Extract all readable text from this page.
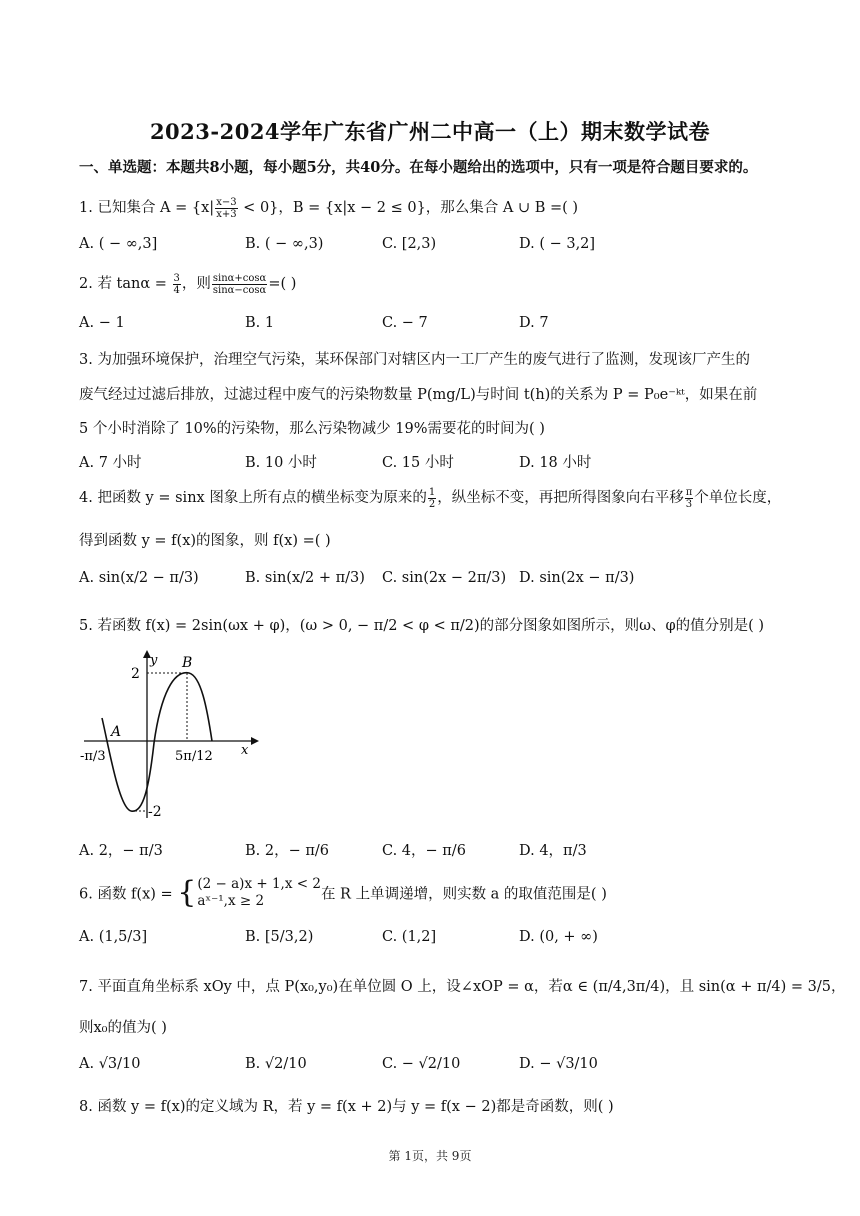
2023-2024学年广东省广州二中高一（上）期末数学试卷
一、单选题：本题共8小题，每小题5分，共40分。在每小题给出的选项中，只有一项是符合题目要求的。
1. 已知集合 $A = \{x| \frac{x-3}{x+3} < 0\}$，B = {x|x − 2 ≤ 0}，那么集合 A ∪ B =( )
A. ( − ∞,3]	B. ( − ∞,3)	C. [2,3)	D. ( − 3,2]
2. 若 $\tan\alpha = \frac{3}{4}$ ，则 $\frac{\sin\alpha+\cos\alpha}{\sin\alpha-\cos\alpha}$ =( )
A. − 1	B. 1	C. − 7	D. 7
3. 为加强环境保护，治理空气污染，某环保部门对辖区内一工厂产生的废气进行了监测，发现该厂产生的
废气经过过滤后排放，过滤过程中废气的污染物数量 P(mg/L)与时间 t(h)的关系为 P = P₀e⁻ᵏᵗ，如果在前
5 个小时消除了 10%的污染物，那么污染物减少 19%需要花的时间为( )
A. 7 小时	B. 10 小时	C. 15 小时	D. 18 小时
4. 把函数 y = sinx 图象上所有点的横坐标变为原来的 $\frac{1}{2}$ ，纵坐标不变，再把所得图象向右平移 $\frac{\pi}{3}$ 个单位长度，
得到函数 y = f(x)的图象，则 f(x) =( )
A. sin(x/2 − π/3)	B. sin(x/2 + π/3) C. sin(2x − 2π/3) D. sin(2x − π/3)
5. 若函数 f(x) = 2sin(ωx + φ)，(ω > 0, − π/2 < φ < π/2)的部分图象如图所示，则ω、φ的值分别是( )
y
x
B
A
2
-2
-π/3	5π/12
A. 2，− π/3	B. 2，− π/6	C. 4，− π/6	D. 4，π/3
6. 函数 f(x) = {(2 − a)x + 1,x < 2
aˣ⁻¹,x ≥ 2	在 R 上单调递增，则实数 a 的取值范围是( )
A. (1,5/3]	B. [5/3,2)	C. (1,2]	D. (0, + ∞)
7. 平面直角坐标系 xOy 中，点 P(x₀,y₀)在单位圆 O 上，设∠xOP = α，若α ∈ (π/4,3π/4)，且 sin(α + π/4) = 3/5，
则x₀的值为( )
A. √3/10	B. √2/10	C. − √2/10	D. − √3/10
8. 函数 y = f(x)的定义域为 R，若 y = f(x + 2)与 y = f(x − 2)都是奇函数，则( )
第 1页，共 9页
